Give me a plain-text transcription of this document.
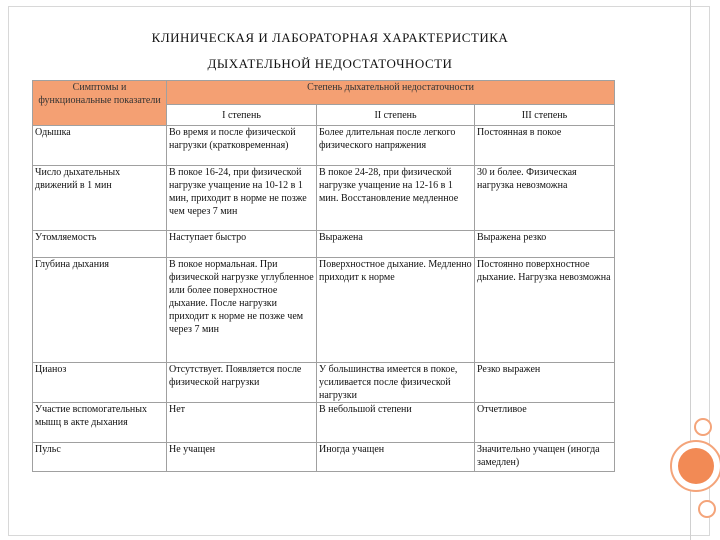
КЛИНИЧЕСКАЯ И ЛАБОРАТОРНАЯ ХАРАКТЕРИСТИКА
ДЫХАТЕЛЬНОЙ НЕДОСТАТОЧНОСТИ
Симптомы и функциональные показатели	Степень дыхательной недостаточности		
	I степень	II степень	III степень
Одышка	Во время и после физической нагрузки (кратковременная)	Более длительная после легкого физического напряжения	Постоянная в покое
Число дыхательных движений в 1 мин	В покое 16-24, при физической нагрузке учащение на 10-12 в 1 мин, приходит в норме не позже чем через 7 мин	В покое 24-28, при физической нагрузке учащение на 12-16 в 1 мин. Восстановление медленное	30 и более. Физическая нагрузка невозможна
Утомляемость	Наступает быстро	Выражена	Выражена резко
Глубина дыхания	В покое нормальная. При физической нагрузке углубленное или более поверхностное дыхание. После нагрузки приходит к норме не позже чем через 7 мин	Поверхностное дыхание. Медленно приходит к норме	Постоянно поверхностное дыхание. Нагрузка невозможна
Цианоз	Отсутствует. Появляется после физической нагрузки	У большинства имеется в покое, усиливается после физической нагрузки	Резко выражен
Участие вспомогательных мышц в акте дыхания	Нет	В небольшой степени	Отчетливое
Пульс	Не учащен	Иногда учащен	Значительно учащен (иногда замедлен)
